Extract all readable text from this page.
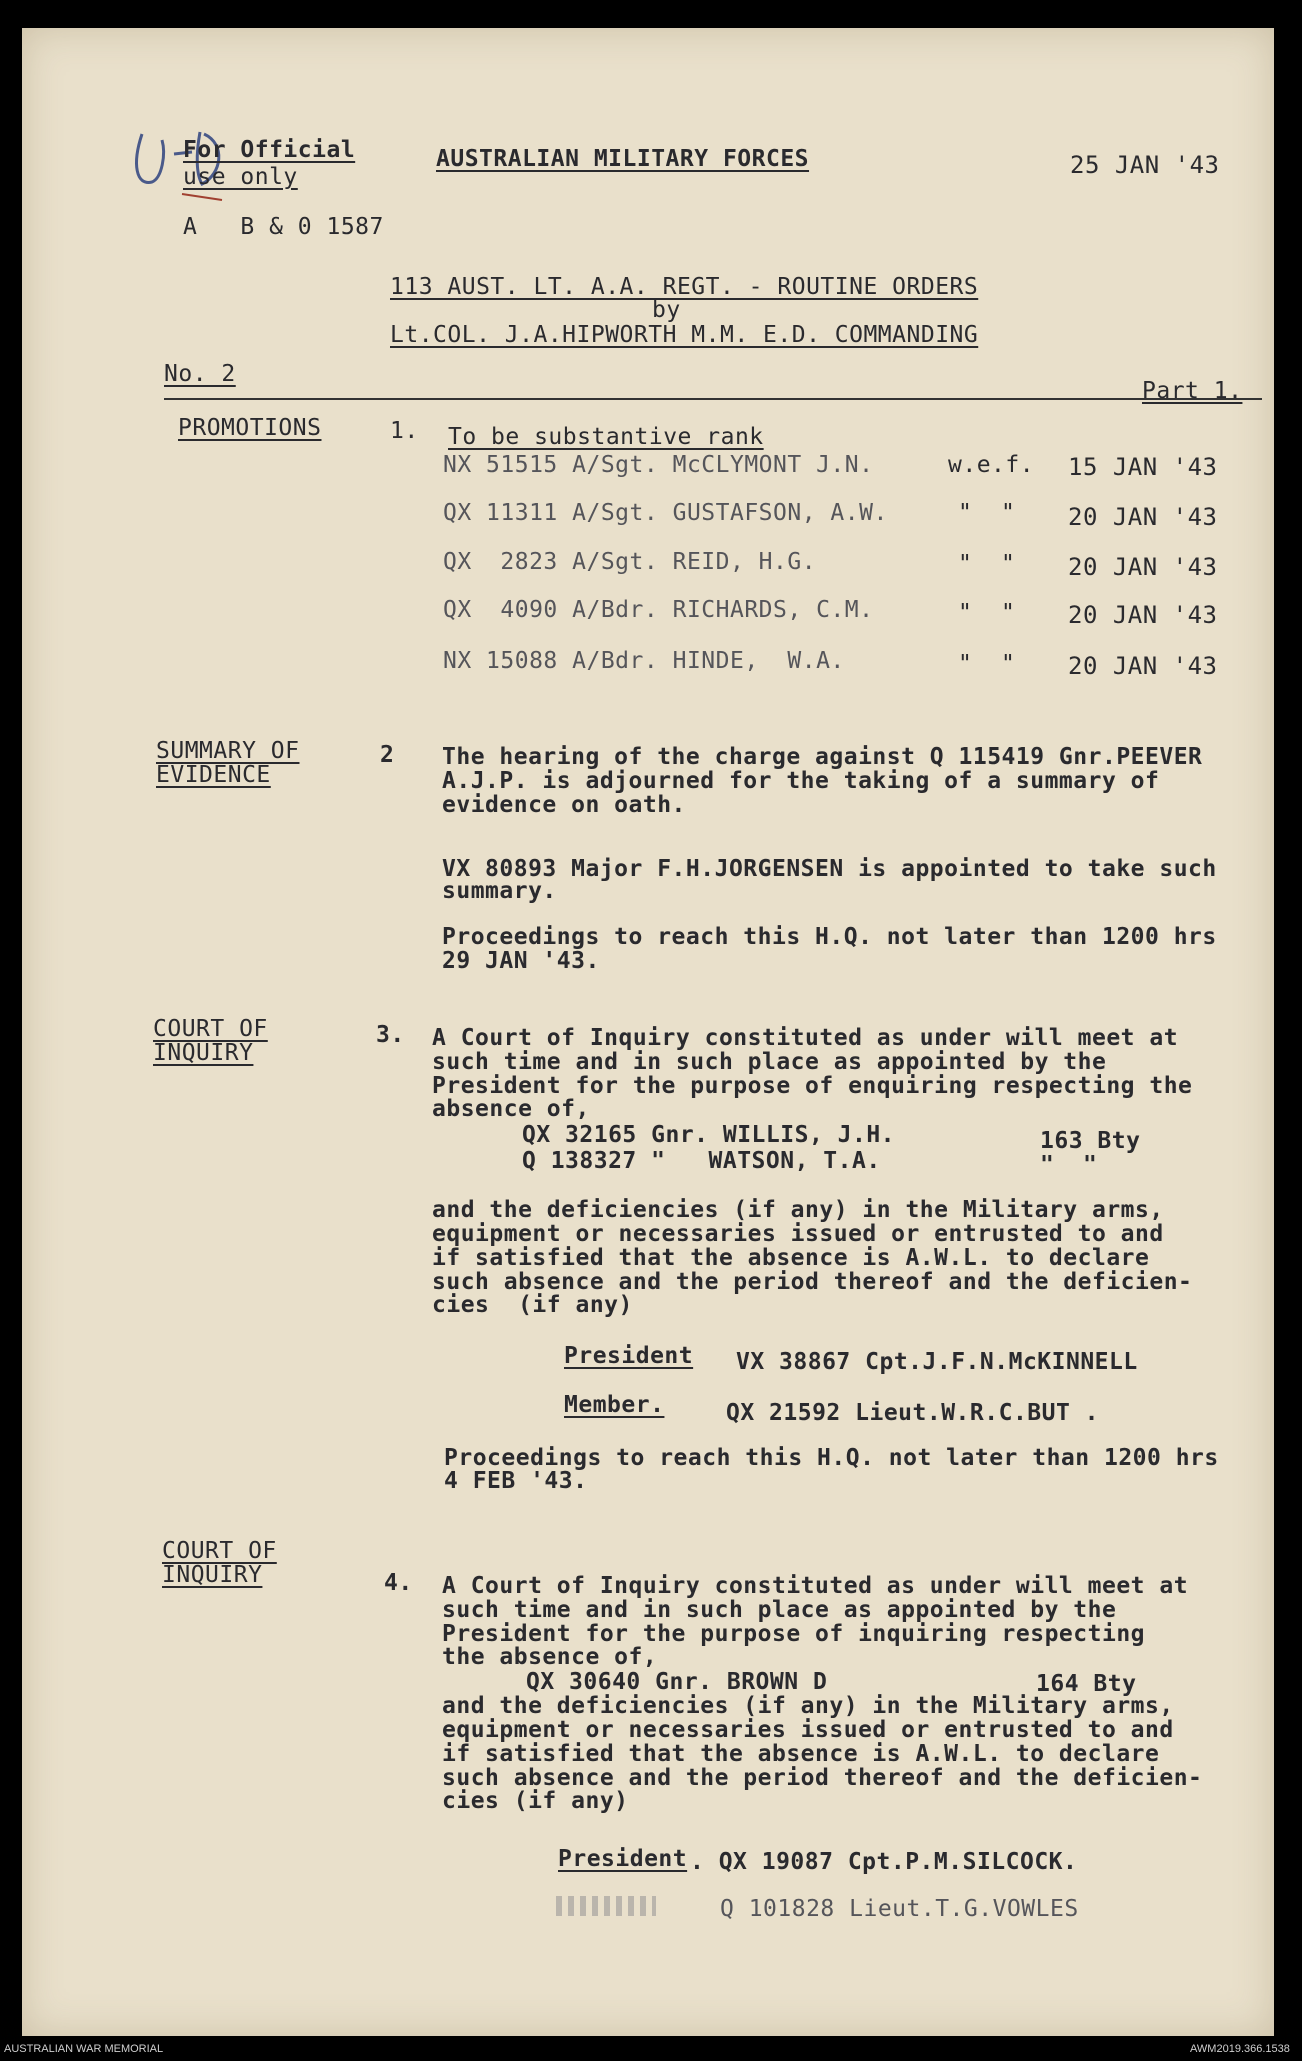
For Official
use only
A   B & 0 1587
AUSTRALIAN MILITARY FORCES	25 JAN '43
113 AUST. LT. A.A. REGT. - ROUTINE ORDERS
by
Lt.COL. J.A.HIPWORTH M.M. E.D. COMMANDING
No. 2
Part 1.
PROMOTIONS	1. To be substantive rank
NX 51515 A/Sgt. McCLYMONT J.N.	w.e.f. 15 JAN '43
QX 11311 A/Sgt. GUSTAFSON, A.W.	"  " 20 JAN '43
QX  2823 A/Sgt. REID, H.G.	"  " 20 JAN '43
QX  4090 A/Bdr. RICHARDS, C.M.	"  " 20 JAN '43
NX 15088 A/Bdr. HINDE,  W.A.	"  " 20 JAN '43
SUMMARY OF
EVIDENCE
2 The hearing of the charge against Q 115419 Gnr.PEEVER
A.J.P. is adjourned for the taking of a summary of
evidence on oath.
VX 80893 Major F.H.JORGENSEN is appointed to take such
summary.
Proceedings to reach this H.Q. not later than 1200 hrs
29 JAN '43.
COURT OF
INQUIRY
3. A Court of Inquiry constituted as under will meet at
such time and in such place as appointed by the
President for the purpose of enquiring respecting the
absence of,
QX 32165 Gnr. WILLIS, J.H.	163 Bty
Q 138327 "   WATSON, T.A.	"  "
and the deficiencies (if any) in the Military arms,
equipment or necessaries issued or entrusted to and
if satisfied that the absence is A.W.L. to declare
such absence and the period thereof and the deficien-
cies  (if any)
President VX 38867 Cpt.J.F.N.McKINNELL
Member.	QX 21592 Lieut.W.R.C.BUT .
Proceedings to reach this H.Q. not later than 1200 hrs
4 FEB '43.
COURT OF
INQUIRY	4. A Court of Inquiry constituted as under will meet at
such time and in such place as appointed by the
President for the purpose of inquiring respecting
the absence of,
QX 30640 Gnr. BROWN D	164 Bty
and the deficiencies (if any) in the Military arms,
equipment or necessaries issued or entrusted to and
if satisfied that the absence is A.W.L. to declare
such absence and the period thereof and the deficien-
cies (if any)
President . QX 19087 Cpt.P.M.SILCOCK.
Q 101828 Lieut.T.G.VOWLES
AUSTRALIAN WAR MEMORIAL	AWM2019.366.1538
